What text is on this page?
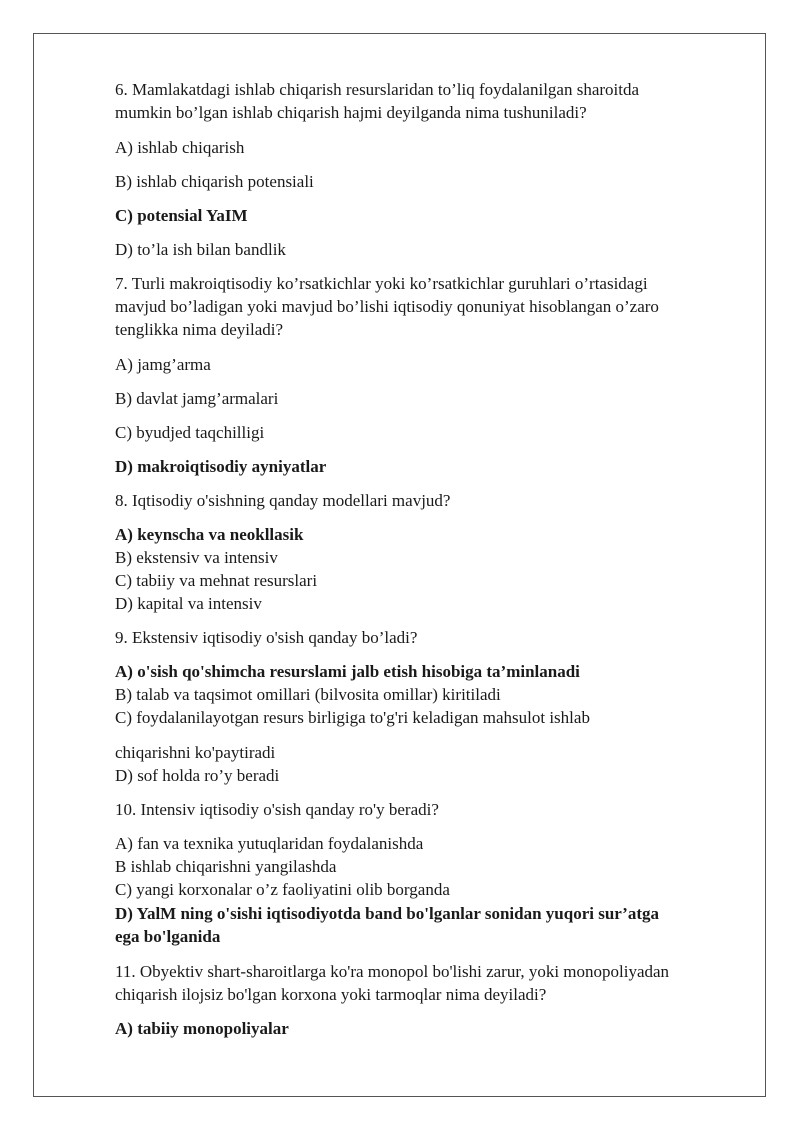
6. Mamlakatdagi ishlab chiqarish resurslaridan to’liq foydalanilgan sharoitda
mumkin bo’lgan ishlab chiqarish hajmi deyilganda nima tushuniladi?
A) ishlab chiqarish
B) ishlab chiqarish potensiali
C) potensial YaIM
D) to’la ish bilan bandlik
7. Turli makroiqtisodiy ko’rsatkichlar yoki ko’rsatkichlar guruhlari o’rtasidagi
mavjud bo’ladigan yoki mavjud bo’lishi iqtisodiy qonuniyat hisoblangan o’zaro
tenglikka nima deyiladi?
A) jamg’arma
B) davlat jamg’armalari
C) byudjed taqchilligi
D) makroiqtisodiy ayniyatlar
8. Iqtisodiy o'sishning qanday modellari mavjud?
A) keynscha va neokllasik
B) ekstensiv va intensiv
C) tabiiy va mehnat resurslari
D) kapital va intensiv
9. Ekstensiv iqtisodiy o'sish qanday bo’ladi?
A) o'sish qo'shimcha resurslami jalb etish hisobiga ta’minlanadi
B) talab va taqsimot omillari (bilvosita omillar) kiritiladi
C) foydalanilayotgan resurs birligiga to'g'ri keladigan mahsulot ishlab
chiqarishni ko'paytiradi
D) sof holda ro’y beradi
10. Intensiv iqtisodiy o'sish qanday ro'y beradi?
A) fan va texnika yutuqlaridan foydalanishda
B ishlab chiqarishni yangilashda
C) yangi korxonalar o’z faoliyatini olib borganda
D) YalM ning o'sishi iqtisodiyotda band bo'lganlar sonidan yuqori sur’atga
ega bo'lganida
11. Obyektiv shart-sharoitlarga ko'ra monopol bo'lishi zarur, yoki monopoliyadan
chiqarish ilojsiz bo'lgan korxona yoki tarmoqlar nima deyiladi?
A) tabiiy monopoliyalar
